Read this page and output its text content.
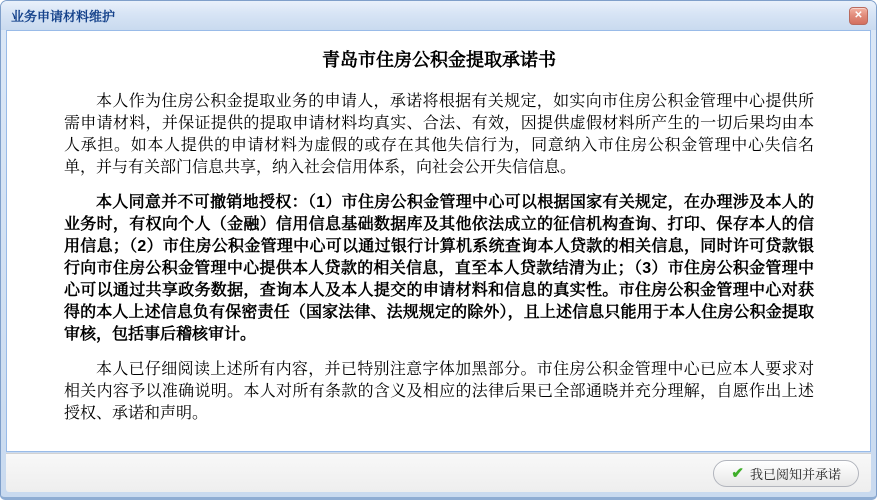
业务申请材料维护	✕
青岛市住房公积金提取承诺书

本人作为住房公积金提取业务的申请人，承诺将根据有关规定，如实向市住房公积金管理中心提供所需申请材料，并保证提供的提取申请材料均真实、合法、有效，因提供虚假材料所产生的一切后果均由本人承担。如本人提供的申请材料为虚假的或存在其他失信行为，同意纳入市住房公积金管理中心失信名单，并与有关部门信息共享，纳入社会信用体系，向社会公开失信信息。

本人同意并不可撤销地授权：（1）市住房公积金管理中心可以根据国家有关规定，在办理涉及本人的业务时，有权向个人（金融）信用信息基础数据库及其他依法成立的征信机构查询、打印、保存本人的信用信息；（2）市住房公积金管理中心可以通过银行计算机系统查询本人贷款的相关信息，同时许可贷款银行向市住房公积金管理中心提供本人贷款的相关信息，直至本人贷款结清为止；（3）市住房公积金管理中心可以通过共享政务数据，查询本人及本人提交的申请材料和信息的真实性。市住房公积金管理中心对获得的本人上述信息负有保密责任（国家法律、法规规定的除外），且上述信息只能用于本人住房公积金提取审核，包括事后稽核审计。

本人已仔细阅读上述所有内容，并已特别注意字体加黑部分。市住房公积金管理中心已应本人要求对相关内容予以准确说明。本人对所有条款的含义及相应的法律后果已全部通晓并充分理解，自愿作出上述授权、承诺和声明。

✔ 我已阅知并承诺
